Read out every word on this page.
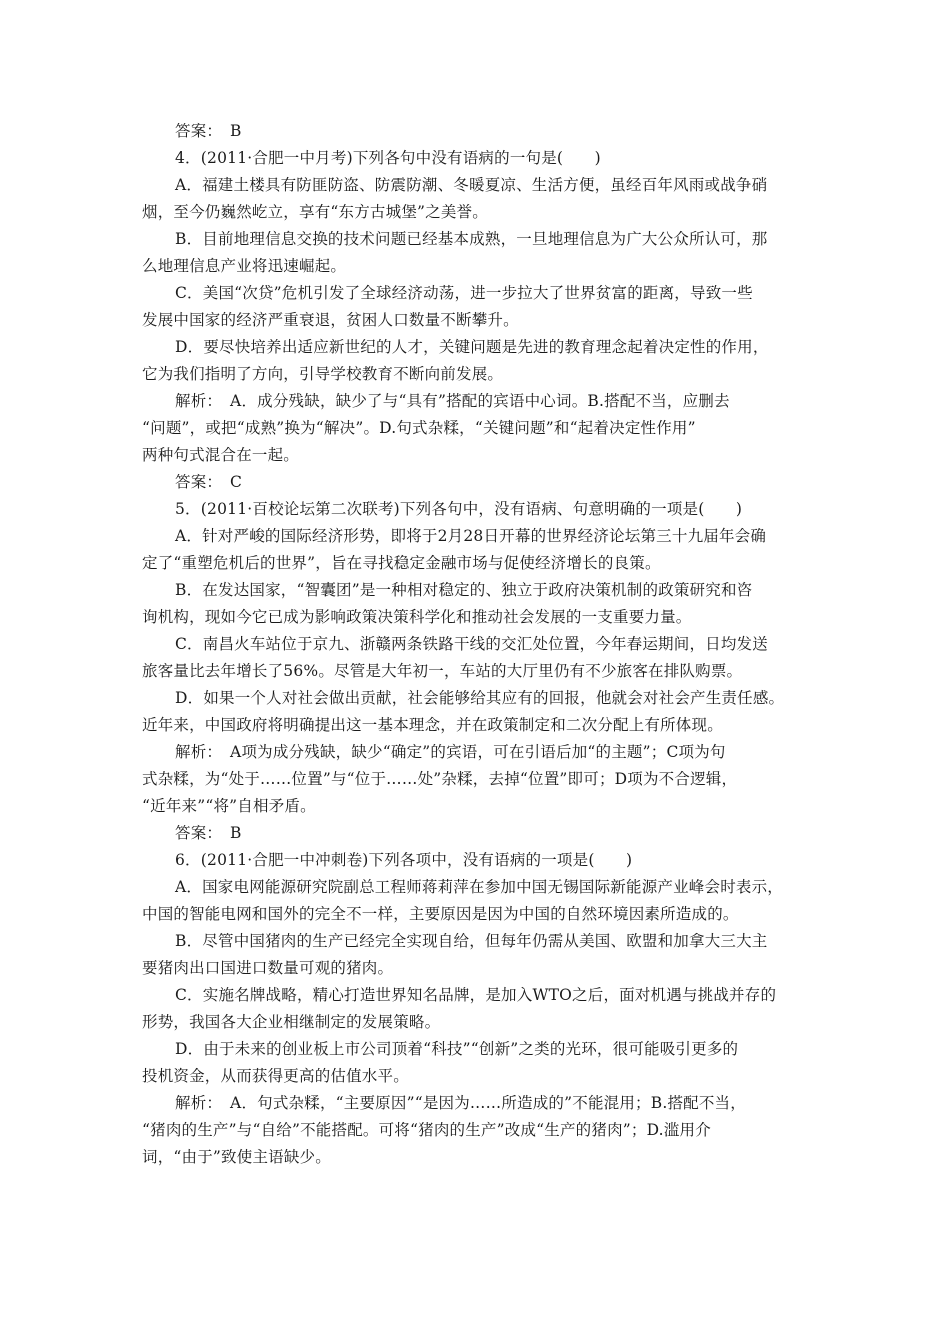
答案：　B
4．(2011·合肥一中月考)下列各句中没有语病的一句是(　　)
A．福建土楼具有防匪防盗、防震防潮、冬暖夏凉、生活方便，虽经百年风雨或战争硝
烟，至今仍巍然屹立，享有“东方古城堡”之美誉。
B．目前地理信息交换的技术问题已经基本成熟，一旦地理信息为广大公众所认可，那
么地理信息产业将迅速崛起。
C．美国“次贷”危机引发了全球经济动荡，进一步拉大了世界贫富的距离，导致一些
发展中国家的经济严重衰退，贫困人口数量不断攀升。
D．要尽快培养出适应新世纪的人才，关键问题是先进的教育理念起着决定性的作用，
它为我们指明了方向，引导学校教育不断向前发展。
解析：　A．成分残缺，缺少了与“具有”搭配的宾语中心词。B.搭配不当，应删去
“问题”，或把“成熟”换为“解决”。D.句式杂糅，“关键问题”和“起着决定性作用”
两种句式混合在一起。
答案：　C
5．(2011·百校论坛第二次联考)下列各句中，没有语病、句意明确的一项是(　　)
A．针对严峻的国际经济形势，即将于2月28日开幕的世界经济论坛第三十九届年会确
定了“重塑危机后的世界”，旨在寻找稳定金融市场与促使经济增长的良策。
B．在发达国家，“智囊团”是一种相对稳定的、独立于政府决策机制的政策研究和咨
询机构，现如今它已成为影响政策决策科学化和推动社会发展的一支重要力量。
C．南昌火车站位于京九、浙赣两条铁路干线的交汇处位置，今年春运期间，日均发送
旅客量比去年增长了56%。尽管是大年初一，车站的大厅里仍有不少旅客在排队购票。
D．如果一个人对社会做出贡献，社会能够给其应有的回报，他就会对社会产生责任感。
近年来，中国政府将明确提出这一基本理念，并在政策制定和二次分配上有所体现。
解析：　A项为成分残缺，缺少“确定”的宾语，可在引语后加“的主题”；C项为句
式杂糅，为“处于……位置”与“位于……处”杂糅，去掉“位置”即可；D项为不合逻辑，
“近年来”“将”自相矛盾。
答案：　B
6．(2011·合肥一中冲刺卷)下列各项中，没有语病的一项是(　　)
A．国家电网能源研究院副总工程师蒋莉萍在参加中国无锡国际新能源产业峰会时表示，
中国的智能电网和国外的完全不一样，主要原因是因为中国的自然环境因素所造成的。
B．尽管中国猪肉的生产已经完全实现自给，但每年仍需从美国、欧盟和加拿大三大主
要猪肉出口国进口数量可观的猪肉。
C．实施名牌战略，精心打造世界知名品牌，是加入WTO之后，面对机遇与挑战并存的
形势，我国各大企业相继制定的发展策略。
D．由于未来的创业板上市公司顶着“科技”“创新”之类的光环，很可能吸引更多的
投机资金，从而获得更高的估值水平。
解析：　A．句式杂糅，“主要原因”“是因为……所造成的”不能混用；B.搭配不当，
“猪肉的生产”与“自给”不能搭配。可将“猪肉的生产”改成“生产的猪肉”；D.滥用介
词，“由于”致使主语缺少。
